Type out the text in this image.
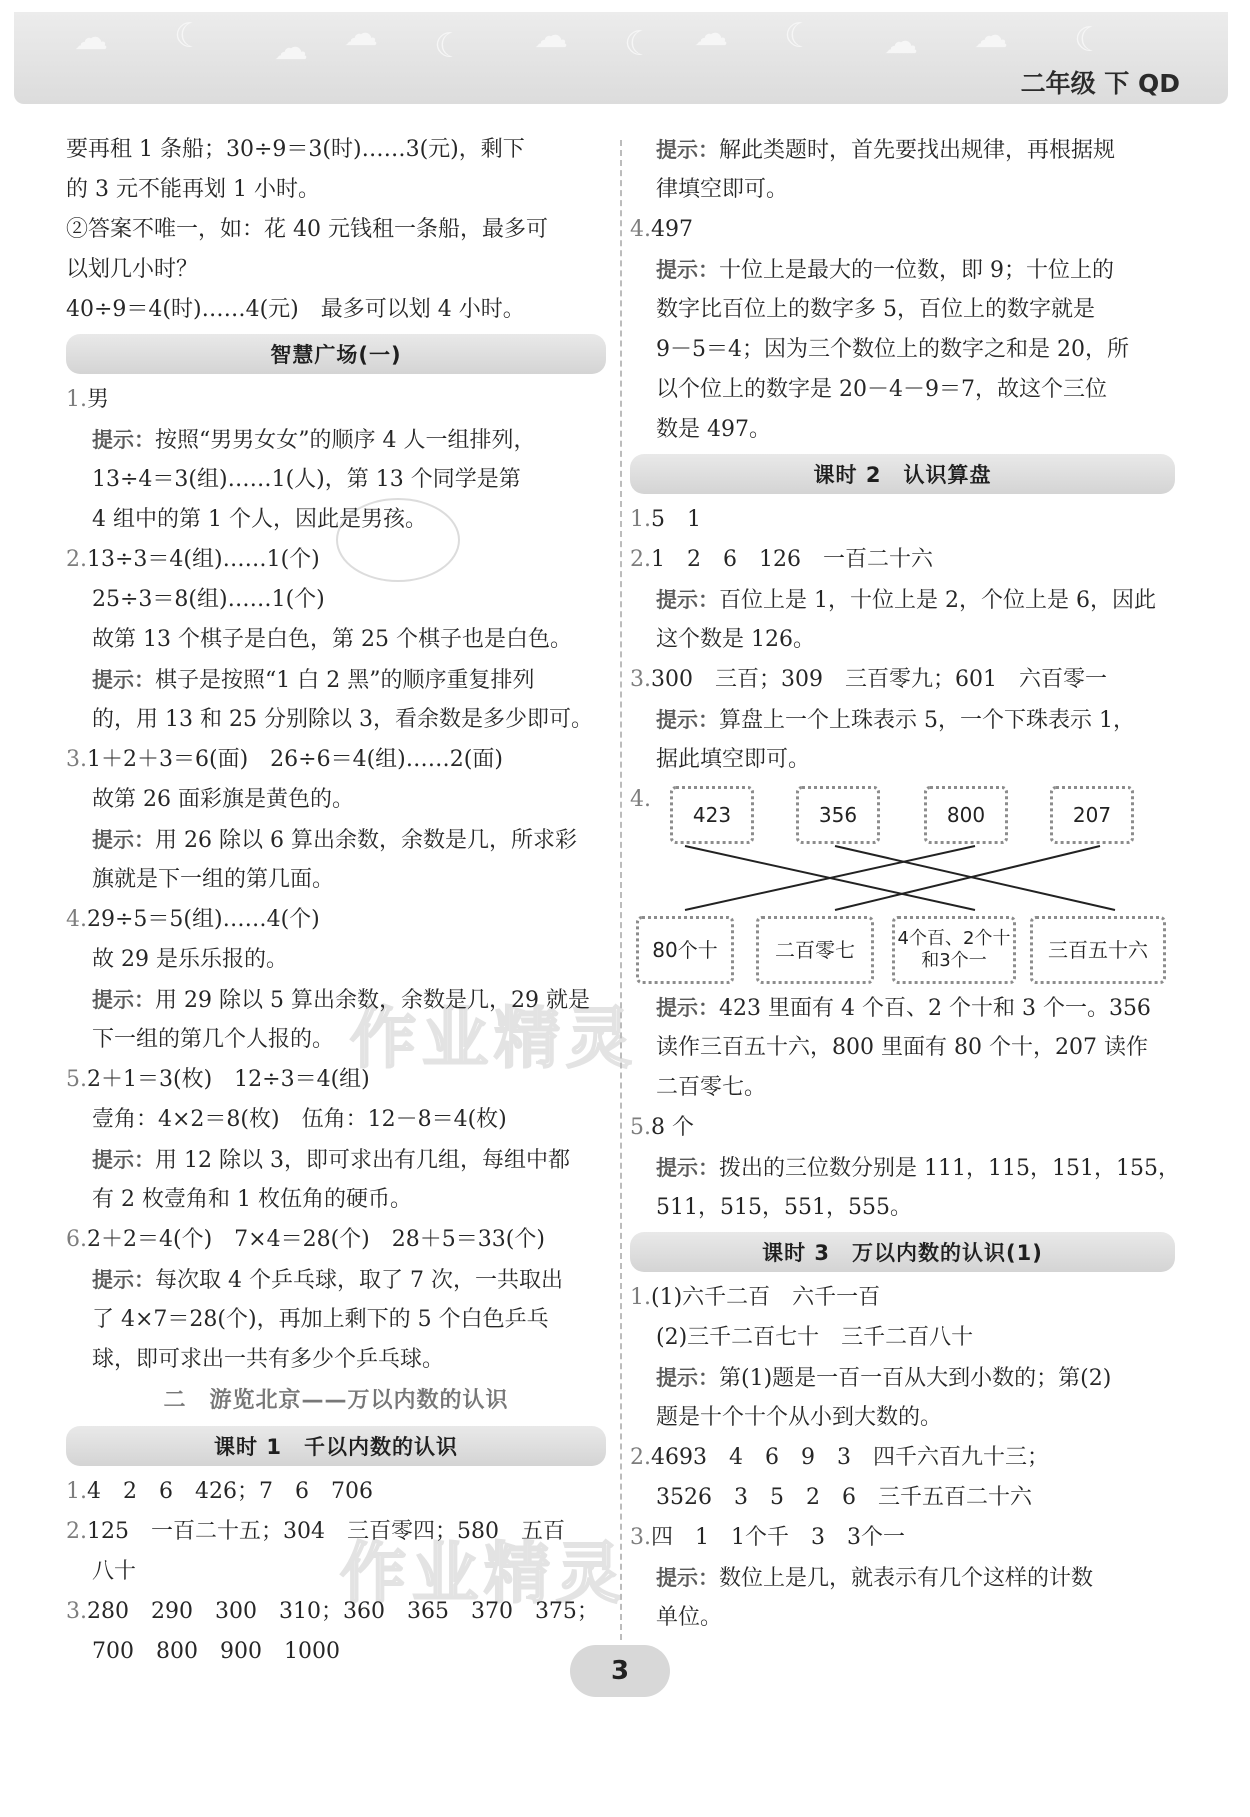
☁ ☾ ☁ ☁ ☾ ☁ ☾ ☁ ☾ ☁ ☁ ☾
二年级 下 QD
作业精灵
作业精灵
要再租 1 条船；30÷9＝3(时)……3(元)，剩下
的 3 元不能再划 1 小时。
②答案不唯一，如：花 40 元钱租一条船，最多可
以划几小时？
40÷9＝4(时)……4(元)　最多可以划 4 小时。
智慧广场(一)
1.男
提示：按照“男男女女”的顺序 4 人一组排列，
13÷4＝3(组)……1(人)，第 13 个同学是第
4 组中的第 1 个人，因此是男孩。
2.13÷3＝4(组)……1(个)
25÷3＝8(组)……1(个)
故第 13 个棋子是白色，第 25 个棋子也是白色。
提示：棋子是按照“1 白 2 黑”的顺序重复排列
的，用 13 和 25 分别除以 3，看余数是多少即可。
3.1＋2＋3＝6(面)　26÷6＝4(组)……2(面)
故第 26 面彩旗是黄色的。
提示：用 26 除以 6 算出余数，余数是几，所求彩
旗就是下一组的第几面。
4.29÷5＝5(组)……4(个)
故 29 是乐乐报的。
提示：用 29 除以 5 算出余数，余数是几，29 就是
下一组的第几个人报的。
5.2＋1＝3(枚)　12÷3＝4(组)
壹角：4×2＝8(枚)　伍角：12－8＝4(枚)
提示：用 12 除以 3，即可求出有几组，每组中都
有 2 枚壹角和 1 枚伍角的硬币。
6.2＋2＝4(个)　7×4＝28(个)　28＋5＝33(个)
提示：每次取 4 个乒乓球，取了 7 次，一共取出
了 4×7＝28(个)，再加上剩下的 5 个白色乒乓
球，即可求出一共有多少个乒乓球。
二　游览北京——万以内数的认识
课时 1　千以内数的认识
1.4　2　6　426；7　6　706
2.125　一百二十五；304　三百零四；580　五百
八十
3.280　290　300　310；360　365　370　375；
700　800　900　1000
提示：解此类题时，首先要找出规律，再根据规
律填空即可。
4.497
提示：十位上是最大的一位数，即 9；十位上的
数字比百位上的数字多 5，百位上的数字就是
9－5＝4；因为三个数位上的数字之和是 20，所
以个位上的数字是 20－4－9＝7，故这个三位
数是 497。
课时 2　认识算盘
1.5　1
2.1　2　6　126　一百二十六
提示：百位上是 1，十位上是 2，个位上是 6，因此
这个数是 126。
3.300　三百；309　三百零九；601　六百零一
提示：算盘上一个上珠表示 5，一个下珠表示 1，
据此填空即可。
4.
423	356	800	207
80个十	二百零七	4个百、2个十和3个一	三百五十六
提示：423 里面有 4 个百、2 个十和 3 个一。356
读作三百五十六，800 里面有 80 个十，207 读作
二百零七。
5.8 个
提示：拨出的三位数分别是 111，115，151，155，
511，515，551，555。
课时 3　万以内数的认识(1)
1.(1)六千二百　六千一百
(2)三千二百七十　三千二百八十
提示：第(1)题是一百一百从大到小数的；第(2)
题是十个十个从小到大数的。
2.4693　4　6　9　3　四千六百九十三；
3526　3　5　2　6　三千五百二十六
3.四　1　1个千　3　3个一
提示：数位上是几，就表示有几个这样的计数
单位。
3
